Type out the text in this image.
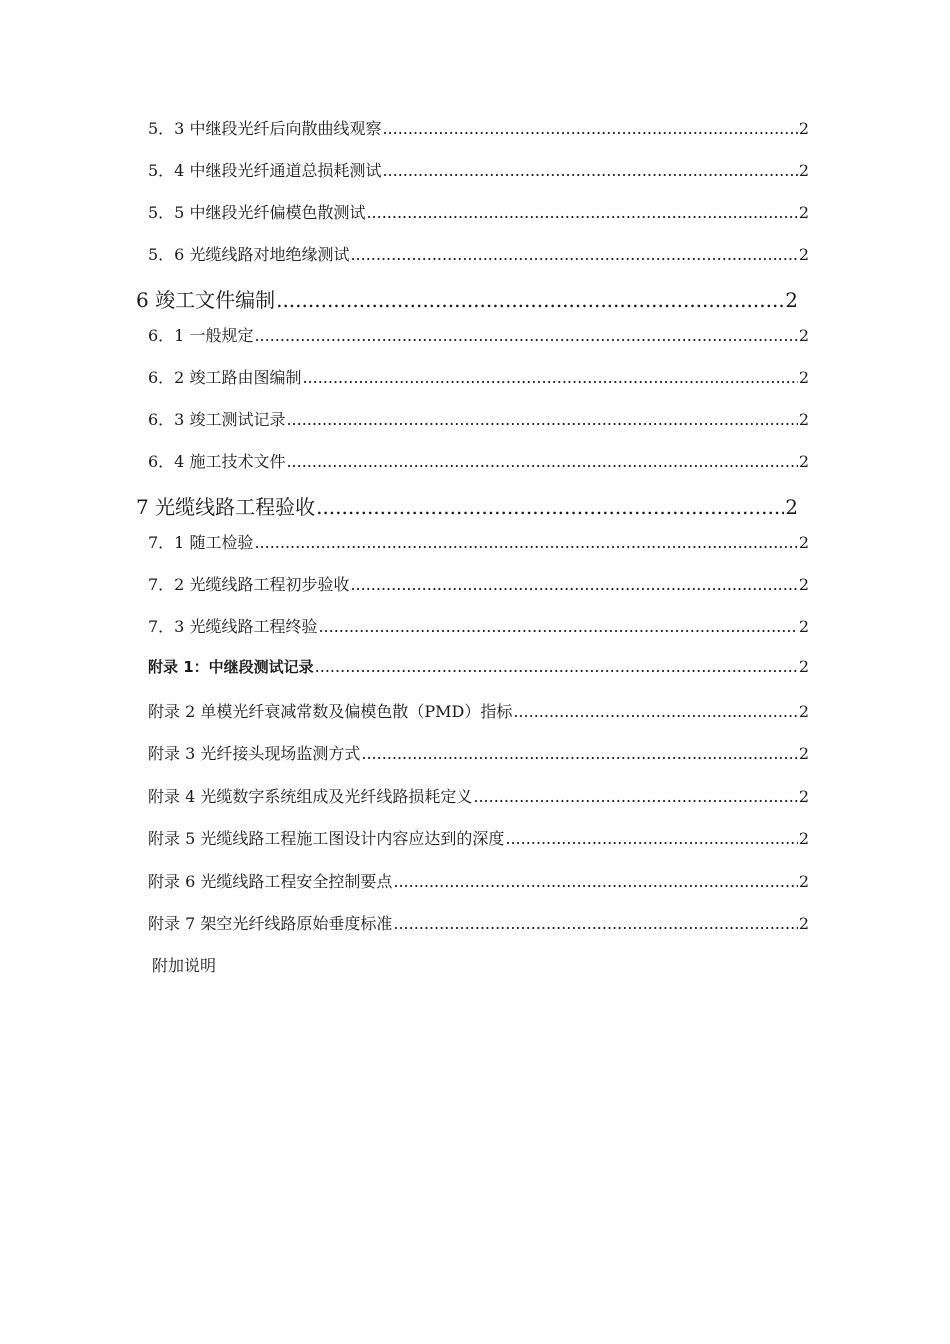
5．3 中继段光纤后向散曲线观察 .....	2
5．4 中继段光纤通道总损耗测试 .....	2
5．5 中继段光纤偏模色散测试 .....	2
5．6 光缆线路对地绝缘测试 .....	2
6 竣工文件编制 .....	2
6．1 一般规定 .....	2
6．2 竣工路由图编制 .....	2
6．3 竣工测试记录 .....	2
6．4 施工技术文件 .....	2
7 光缆线路工程验收 .....	2
7．1 随工检验 .....	2
7．2 光缆线路工程初步验收 .....	2
7．3 光缆线路工程终验 .....	2
附录 1：中继段测试记录 .....	2
附录 2 单模光纤衰减常数及偏模色散（PMD）指标 .....	2
附录 3 光纤接头现场监测方式 .....	2
附录 4 光缆数字系统组成及光纤线路损耗定义 .....	2
附录 5 光缆线路工程施工图设计内容应达到的深度 .....	2
附录 6 光缆线路工程安全控制要点 .....	2
附录 7 架空光纤线路原始垂度标准 .....	2
附加说明
